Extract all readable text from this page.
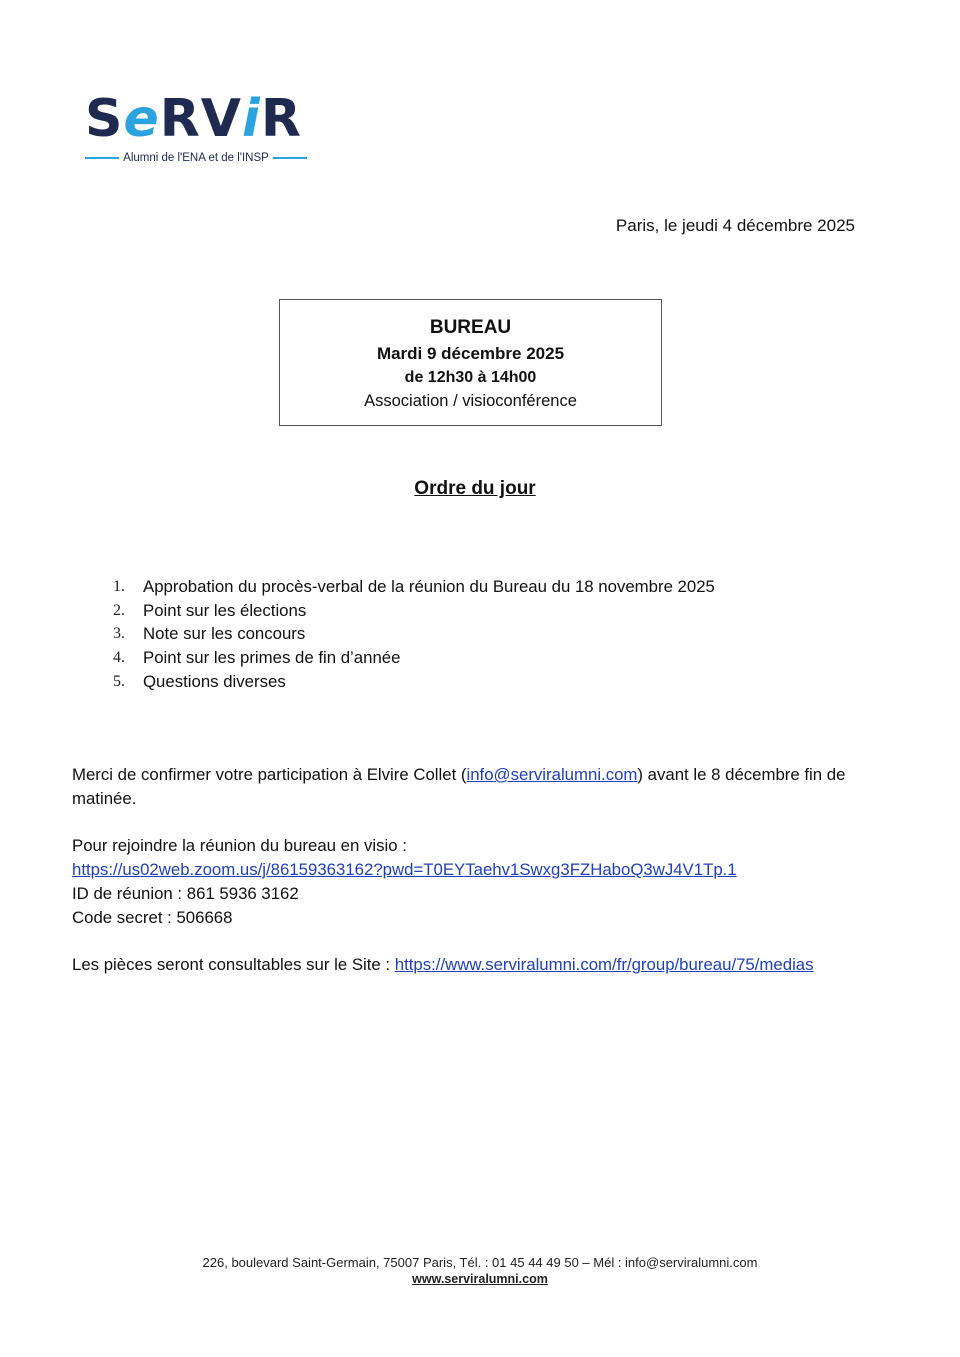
SeRViR
Alumni de l'ENA et de l'INSP
Paris, le jeudi 4 décembre 2025
BUREAU
Mardi 9 décembre 2025
de 12h30 à 14h00
Association / visioconférence
Ordre du jour
1.	Approbation du procès-verbal de la réunion du Bureau du 18 novembre 2025
2.	Point sur les élections
3.	Note sur les concours
4.	Point sur les primes de fin d’année
5.	Questions diverses
Merci de confirmer votre participation à Elvire Collet (info@serviralumni.com) avant le 8 décembre fin de matinée.
Pour rejoindre la réunion du bureau en visio :
https://us02web.zoom.us/j/86159363162?pwd=T0EYTaehv1Swxg3FZHaboQ3wJ4V1Tp.1
ID de réunion : 861 5936 3162
Code secret : 506668
Les pièces seront consultables sur le Site : https://www.serviralumni.com/fr/group/bureau/75/medias
226, boulevard Saint-Germain, 75007 Paris, Tél. : 01 45 44 49 50 – Mél : info@serviralumni.com
www.serviralumni.com
